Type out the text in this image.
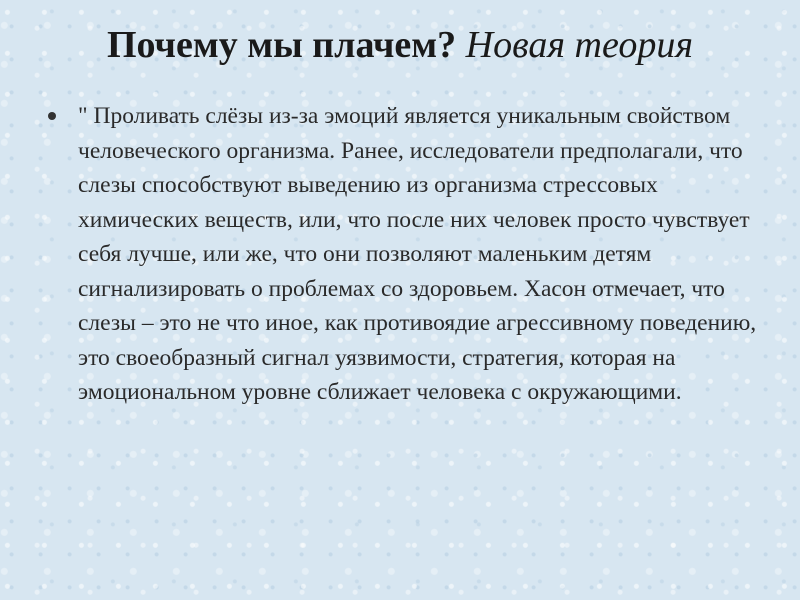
Почему мы плачем? Новая теория

" Проливать слёзы из-за эмоций является уникальным свойством человеческого организма. Ранее, исследователи предполагали, что слезы способствуют выведению из организма стрессовых химических веществ, или, что после них человек просто чувствует себя лучше, или же, что они позволяют маленьким детям сигнализировать о проблемах со здоровьем. Хасон отмечает, что слезы – это не что иное, как противоядие агрессивному поведению, это своеобразный сигнал уязвимости, стратегия, которая на эмоциональном уровне сближает человека с окружающими.
